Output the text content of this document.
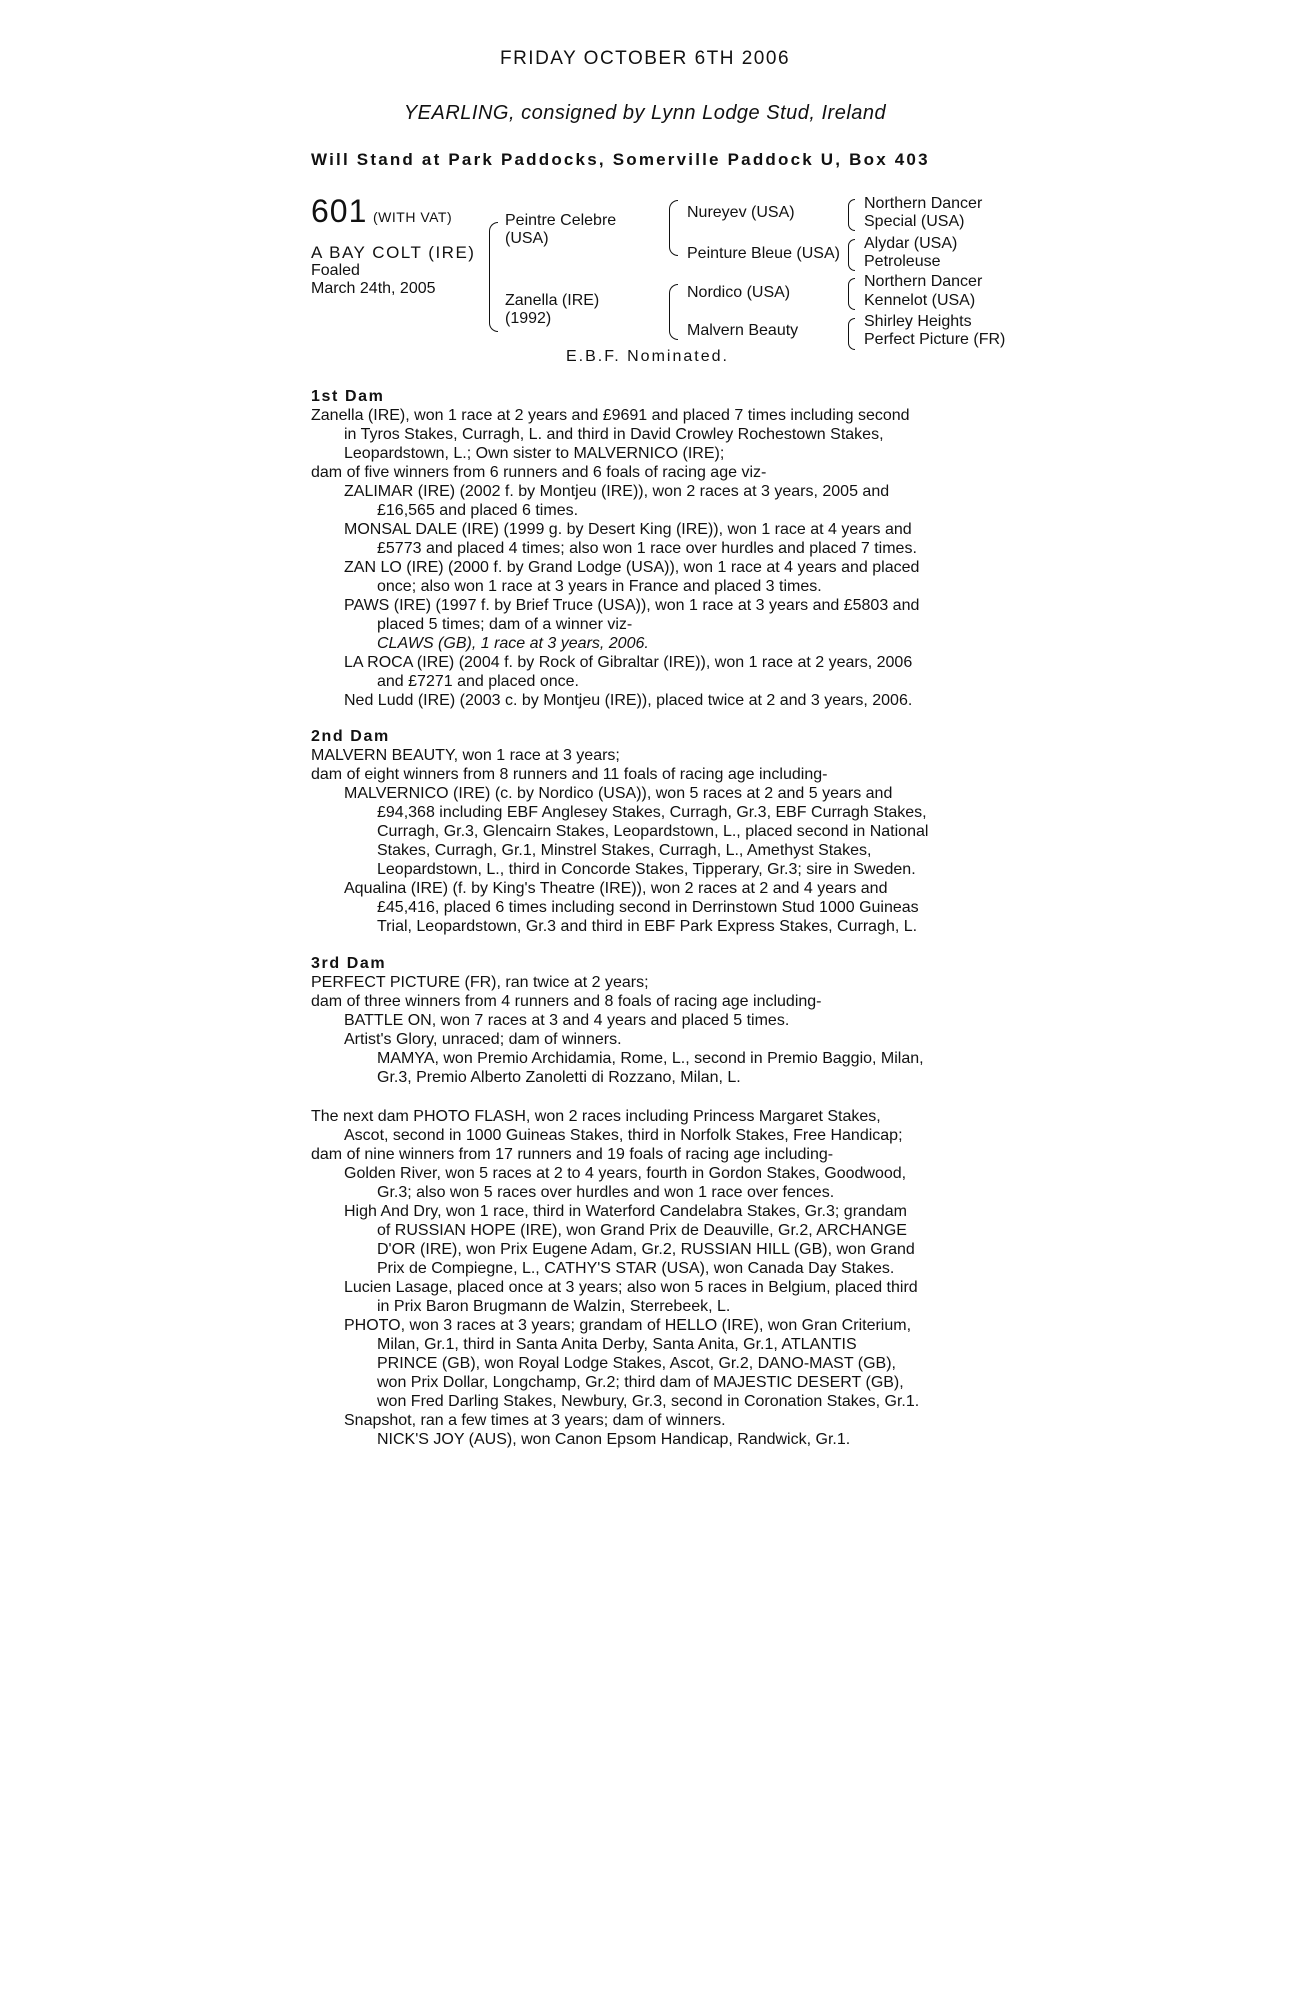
FRIDAY OCTOBER 6TH 2006
YEARLING, consigned by Lynn Lodge Stud, Ireland
Will Stand at Park Paddocks, Somerville Paddock U, Box 403
601 (WITH VAT)
A BAY COLT (IRE)
Foaled
March 24th, 2005
Peintre Celebre
(USA)
Zanella (IRE)
(1992)
Nureyev (USA)
Peinture Bleue (USA)
Nordico (USA)
Malvern Beauty
Northern Dancer
Special (USA)
Alydar (USA)
Petroleuse
Northern Dancer
Kennelot (USA)
Shirley Heights
Perfect Picture (FR)
E.B.F. Nominated.
1st Dam
Zanella (IRE), won 1 race at 2 years and £9691 and placed 7 times including second
in Tyros Stakes, Curragh, L. and third in David Crowley Rochestown Stakes,
Leopardstown, L.; Own sister to MALVERNICO (IRE);
dam of five winners from 6 runners and 6 foals of racing age viz-
ZALIMAR (IRE) (2002 f. by Montjeu (IRE)), won 2 races at 3 years, 2005 and
£16,565 and placed 6 times.
MONSAL DALE (IRE) (1999 g. by Desert King (IRE)), won 1 race at 4 years and
£5773 and placed 4 times; also won 1 race over hurdles and placed 7 times.
ZAN LO (IRE) (2000 f. by Grand Lodge (USA)), won 1 race at 4 years and placed
once; also won 1 race at 3 years in France and placed 3 times.
PAWS (IRE) (1997 f. by Brief Truce (USA)), won 1 race at 3 years and £5803 and
placed 5 times; dam of a winner viz-
CLAWS (GB), 1 race at 3 years, 2006.
LA ROCA (IRE) (2004 f. by Rock of Gibraltar (IRE)), won 1 race at 2 years, 2006
and £7271 and placed once.
Ned Ludd (IRE) (2003 c. by Montjeu (IRE)), placed twice at 2 and 3 years, 2006.
2nd Dam
MALVERN BEAUTY, won 1 race at 3 years;
dam of eight winners from 8 runners and 11 foals of racing age including-
MALVERNICO (IRE) (c. by Nordico (USA)), won 5 races at 2 and 5 years and
£94,368 including EBF Anglesey Stakes, Curragh, Gr.3, EBF Curragh Stakes,
Curragh, Gr.3, Glencairn Stakes, Leopardstown, L., placed second in National
Stakes, Curragh, Gr.1, Minstrel Stakes, Curragh, L., Amethyst Stakes,
Leopardstown, L., third in Concorde Stakes, Tipperary, Gr.3; sire in Sweden.
Aqualina (IRE) (f. by King's Theatre (IRE)), won 2 races at 2 and 4 years and
£45,416, placed 6 times including second in Derrinstown Stud 1000 Guineas
Trial, Leopardstown, Gr.3 and third in EBF Park Express Stakes, Curragh, L.
3rd Dam
PERFECT PICTURE (FR), ran twice at 2 years;
dam of three winners from 4 runners and 8 foals of racing age including-
BATTLE ON, won 7 races at 3 and 4 years and placed 5 times.
Artist's Glory, unraced; dam of winners.
MAMYA, won Premio Archidamia, Rome, L., second in Premio Baggio, Milan,
Gr.3, Premio Alberto Zanoletti di Rozzano, Milan, L.
The next dam PHOTO FLASH, won 2 races including Princess Margaret Stakes,
Ascot, second in 1000 Guineas Stakes, third in Norfolk Stakes, Free Handicap;
dam of nine winners from 17 runners and 19 foals of racing age including-
Golden River, won 5 races at 2 to 4 years, fourth in Gordon Stakes, Goodwood,
Gr.3; also won 5 races over hurdles and won 1 race over fences.
High And Dry, won 1 race, third in Waterford Candelabra Stakes, Gr.3; grandam
of RUSSIAN HOPE (IRE), won Grand Prix de Deauville, Gr.2, ARCHANGE
D'OR (IRE), won Prix Eugene Adam, Gr.2, RUSSIAN HILL (GB), won Grand
Prix de Compiegne, L., CATHY'S STAR (USA), won Canada Day Stakes.
Lucien Lasage, placed once at 3 years; also won 5 races in Belgium, placed third
in Prix Baron Brugmann de Walzin, Sterrebeek, L.
PHOTO, won 3 races at 3 years; grandam of HELLO (IRE), won Gran Criterium,
Milan, Gr.1, third in Santa Anita Derby, Santa Anita, Gr.1, ATLANTIS
PRINCE (GB), won Royal Lodge Stakes, Ascot, Gr.2, DANO-MAST (GB),
won Prix Dollar, Longchamp, Gr.2; third dam of MAJESTIC DESERT (GB),
won Fred Darling Stakes, Newbury, Gr.3, second in Coronation Stakes, Gr.1.
Snapshot, ran a few times at 3 years; dam of winners.
NICK'S JOY (AUS), won Canon Epsom Handicap, Randwick, Gr.1.
